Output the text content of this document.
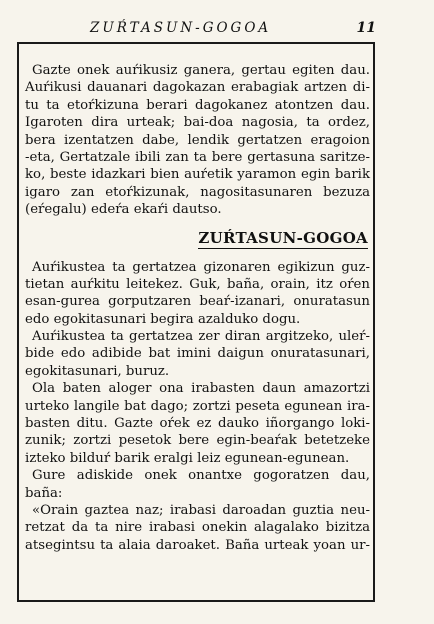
ZUŔTASUN-GOGOA	11
Gazte onek auŕikusiz ganera, gertau egiten dau.
Auŕikusi dauanari dagokazan erabagiak artzen di-
tu ta etoŕkizuna berari dagokanez atontzen dau.
Igaroten dira urteak; bai-doa nagosia, ta ordez,
bera izentatzen dabe, lendik gertatzen eragoion
-eta, Gertatzale ibili zan ta bere gertasuna saritze-
ko, beste idazkari bien auŕetik yaramon egin barik
igaro zan etoŕkizunak, nagositasunaren bezuza
(eŕegalu) edeŕa ekaŕi dautso.
ZUŔTASUN-GOGOA
Auŕikustea ta gertatzea gizonaren egikizun guz-
tietan auŕkitu leitekez. Guk, baña, orain, itz oŕen
esan-gurea gorputzaren beaŕ-izanari, onuratasun
edo egokitasunari begira azalduko dogu.
Auŕikustea ta gertatzea zer diran argitzeko, uleŕ-
bide edo adibide bat imini daigun onuratasunari,
egokitasunari, buruz.
Ola baten aloger ona irabasten daun amazortzi
urteko langile bat dago; zortzi peseta egunean ira-
basten ditu. Gazte oŕek ez dauko iñorgango loki-
zunik; zortzi pesetok bere egin-beaŕak betetzeke
izteko bilduŕ barik eralgi leiz egunean-egunean.
Gure adiskide onek onantxe gogoratzen dau,
baña:
«Orain gaztea naz; irabasi daroadan guztia neu-
retzat da ta nire irabasi onekin alagalako bizitza
atsegintsu ta alaia daroaket. Baña urteak yoan ur-
